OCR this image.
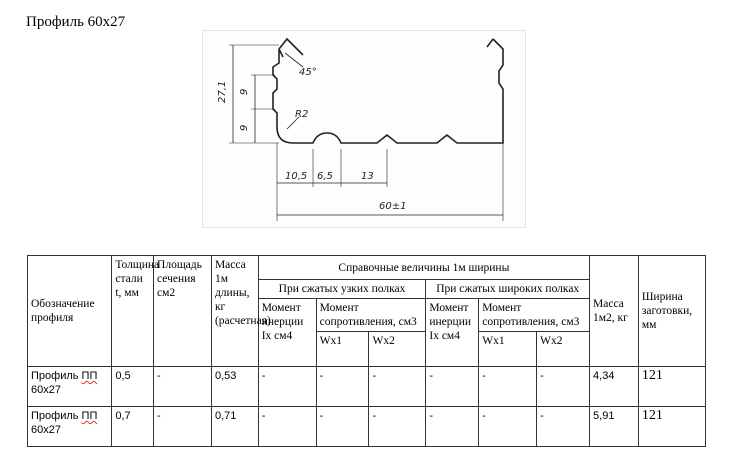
Профиль 60х27
45°
R2
27,1 9
9
10,5 6,5	13
60±1
Обозначение профиля	Толщина стали t, мм	Площадь сечения см2	Масса 1м длины, кг (расчетная)	Справочные величины 1м ширины						Масса 1м2, кг	Ширина заготовки, мм
				При сжатых узких полках			При сжатых широких полках				
				Момент инерции Ix см4	Момент сопротивления, см3		Момент инерции Ix см4	Момент сопротивления, см3			
					Wx1	Wx2		Wx1	Wx2		
Профиль ПП
60х27	0,5	-	0,53	-	-	-	-	-	-	4,34	121
Профиль ПП
60х27	0,7	-	0,71	-	-	-	-	-	-	5,91	121
